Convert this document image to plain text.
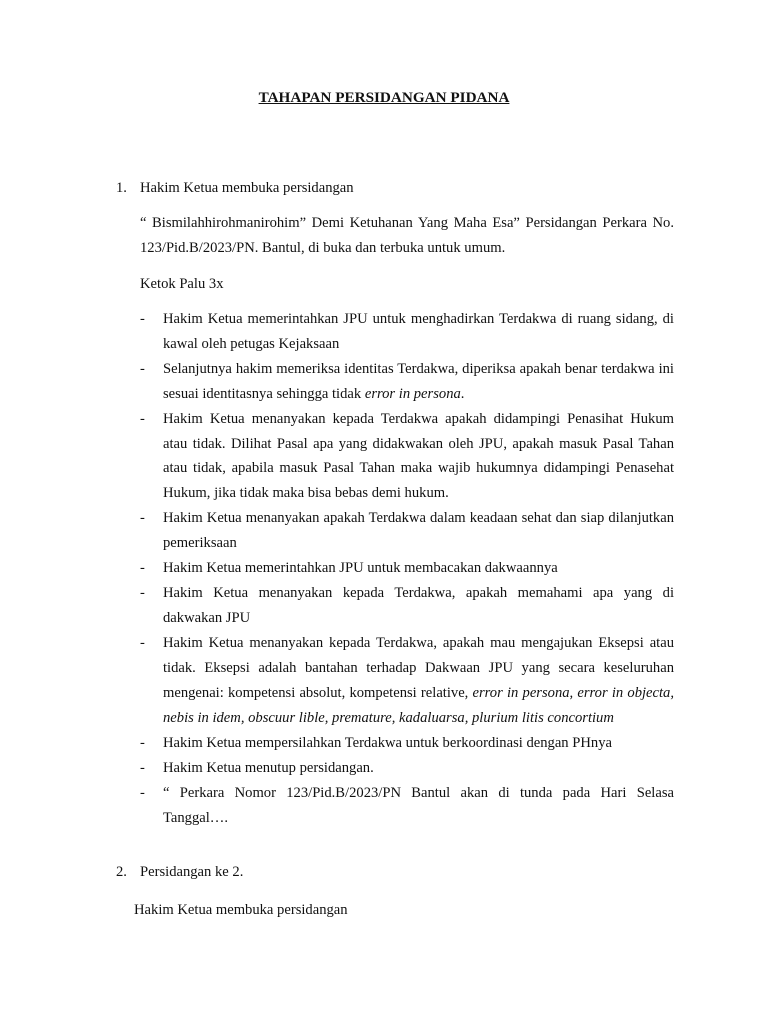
TAHAPAN PERSIDANGAN PIDANA
1. Hakim Ketua membuka persidangan
“ Bismilahhirohmanirohim” Demi Ketuhanan Yang Maha Esa” Persidangan Perkara No. 123/Pid.B/2023/PN. Bantul, di buka dan terbuka untuk umum.
Ketok Palu 3x
- Hakim Ketua memerintahkan JPU untuk menghadirkan Terdakwa di ruang sidang, di kawal oleh petugas Kejaksaan
- Selanjutnya hakim memeriksa identitas Terdakwa, diperiksa apakah benar terdakwa ini sesuai identitasnya sehingga tidak error in persona.
- Hakim Ketua menanyakan kepada Terdakwa apakah didampingi Penasihat Hukum atau tidak. Dilihat Pasal apa yang didakwakan oleh JPU, apakah masuk Pasal Tahan atau tidak, apabila masuk Pasal Tahan maka wajib hukumnya didampingi Penasehat Hukum, jika tidak maka bisa bebas demi hukum.
- Hakim Ketua menanyakan apakah Terdakwa dalam keadaan sehat dan siap dilanjutkan pemeriksaan
- Hakim Ketua memerintahkan JPU untuk membacakan dakwaannya
- Hakim Ketua menanyakan kepada Terdakwa, apakah memahami apa yang di dakwakan JPU
- Hakim Ketua menanyakan kepada Terdakwa, apakah mau mengajukan Eksepsi atau tidak. Eksepsi adalah bantahan terhadap Dakwaan JPU yang secara keseluruhan mengenai: kompetensi absolut, kompetensi relative, error in persona, error in objecta, nebis in idem, obscuur lible, premature, kadaluarsa, plurium litis concortium
- Hakim Ketua mempersilahkan Terdakwa untuk berkoordinasi dengan PHnya
- Hakim Ketua menutup persidangan.
- “ Perkara Nomor 123/Pid.B/2023/PN Bantul akan di tunda pada Hari Selasa Tanggal….
2. Persidangan ke 2.
Hakim Ketua membuka persidangan
